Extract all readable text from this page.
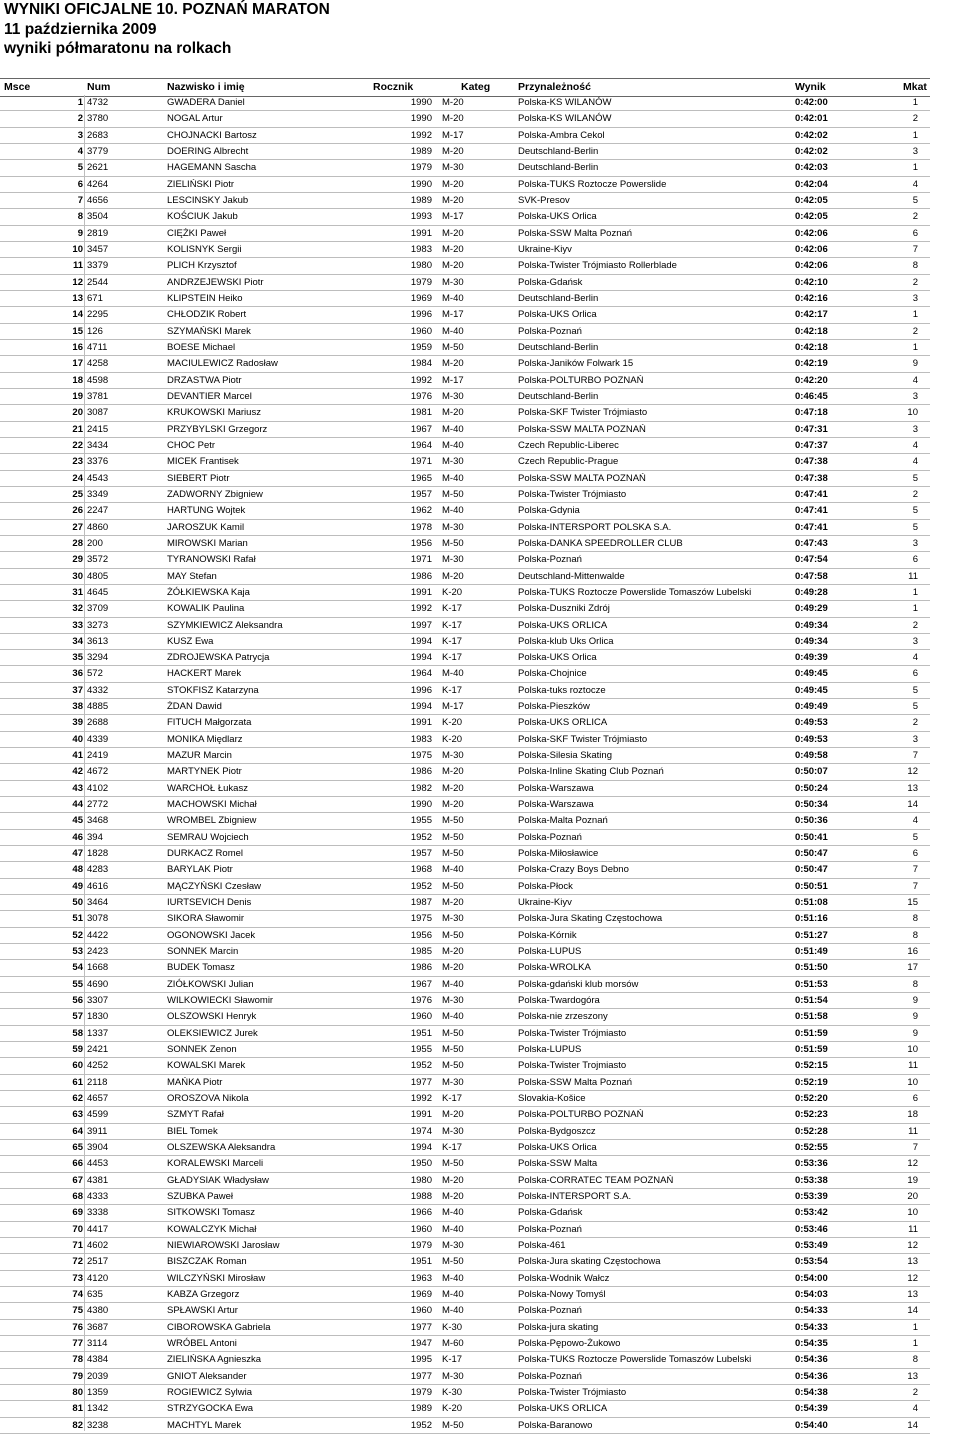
WYNIKI OFICJALNE 10. POZNAŃ MARATON
11 października 2009
wyniki półmaratonu na rolkach
Msce	Num	Nazwisko i imię	Rocznik	Kateg	Przynależność	Wynik	Mkat
1 4732	GWADERA Daniel	1990 M-20	Polska-KS WILANÓW	0:42:00	1
2 3780	NOGAL Artur	1990 M-20	Polska-KS WILANÓW	0:42:01	2
3 2683	CHOJNACKI Bartosz	1992 M-17	Polska-Ambra Cekol	0:42:02	1
4 3779	DOERING Albrecht	1989 M-20	Deutschland-Berlin	0:42:02	3
5 2621	HAGEMANN Sascha	1979 M-30	Deutschland-Berlin	0:42:03	1
6 4264	ZIELIŃSKI Piotr	1990 M-20	Polska-TUKS Roztocze Powerslide	0:42:04	4
7 4656	LESCINSKY Jakub	1989 M-20	SVK-Presov	0:42:05	5
8 3504	KOŚCIUK Jakub	1993 M-17	Polska-UKS Orlica	0:42:05	2
9 2819	CIĘŻKI Paweł	1991 M-20	Polska-SSW Malta Poznań	0:42:06	6
10 3457	KOLISNYK Sergii	1983 M-20	Ukraine-Kiyv	0:42:06	7
11 3379	PLICH Krzysztof	1980 M-20	Polska-Twister Trójmiasto Rollerblade	0:42:06	8
12 2544	ANDRZEJEWSKI Piotr	1979 M-30	Polska-Gdańsk	0:42:10	2
13 671	KLIPSTEIN Heiko	1969 M-40	Deutschland-Berlin	0:42:16	3
14 2295	CHŁODZIK Robert	1996 M-17	Polska-UKS Orlica	0:42:17	1
15 126	SZYMAŃSKI Marek	1960 M-40	Polska-Poznań	0:42:18	2
16 4711	BOESE Michael	1959 M-50	Deutschland-Berlin	0:42:18	1
17 4258	MACIULEWICZ Radosław	1984 M-20	Polska-Janików Folwark 15	0:42:19	9
18 4598	DRZASTWA Piotr	1992 M-17	Polska-POLTURBO POZNAŃ	0:42:20	4
19 3781	DEVANTIER Marcel	1976 M-30	Deutschland-Berlin	0:46:45	3
20 3087	KRUKOWSKI Mariusz	1981 M-20	Polska-SKF Twister Trójmiasto	0:47:18	10
21 2415	PRZYBYLSKI Grzegorz	1967 M-40	Polska-SSW MALTA POZNAŃ	0:47:31	3
22 3434	CHOC Petr	1964 M-40	Czech Republic-Liberec	0:47:37	4
23 3376	MICEK Frantisek	1971 M-30	Czech Republic-Prague	0:47:38	4
24 4543	SIEBERT Piotr	1965 M-40	Polska-SSW MALTA POZNAŃ	0:47:38	5
25 3349	ZADWORNY Zbigniew	1957 M-50	Polska-Twister Trójmiasto	0:47:41	2
26 2247	HARTUNG Wojtek	1962 M-40	Polska-Gdynia	0:47:41	5
27 4860	JAROSZUK Kamil	1978 M-30	Polska-INTERSPORT POLSKA S.A.	0:47:41	5
28 200	MIROWSKI Marian	1956 M-50	Polska-DANKA SPEEDROLLER CLUB	0:47:43	3
29 3572	TYRANOWSKI Rafał	1971 M-30	Polska-Poznań	0:47:54	6
30 4805	MAY Stefan	1986 M-20	Deutschland-Mittenwalde	0:47:58	11
31 4645	ŻÓŁKIEWSKA Kaja	1991 K-20	Polska-TUKS Roztocze Powerslide Tomaszów Lubelski	0:49:28	1
32 3709	KOWALIK Paulina	1992 K-17	Polska-Duszniki Zdrój	0:49:29	1
33 3273	SZYMKIEWICZ Aleksandra	1997 K-17	Polska-UKS ORLICA	0:49:34	2
34 3613	KUSZ Ewa	1994 K-17	Polska-klub Uks Orlica	0:49:34	3
35 3294	ZDROJEWSKA Patrycja	1994 K-17	Polska-UKS Orlica	0:49:39	4
36 572	HACKERT Marek	1964 M-40	Polska-Chojnice	0:49:45	6
37 4332	STOKFISZ Katarzyna	1996 K-17	Polska-tuks roztocze	0:49:45	5
38 4885	ŻDAN Dawid	1994 M-17	Polska-Pieszków	0:49:49	5
39 2688	FITUCH Małgorzata	1991 K-20	Polska-UKS ORLICA	0:49:53	2
40 4339	MONIKA Międlarz	1983 K-20	Polska-SKF Twister Trójmiasto	0:49:53	3
41 2419	MAZUR Marcin	1975 M-30	Polska-Silesia Skating	0:49:58	7
42 4672	MARTYNEK Piotr	1986 M-20	Polska-Inline Skating Club Poznań	0:50:07	12
43 4102	WARCHOŁ Łukasz	1982 M-20	Polska-Warszawa	0:50:24	13
44 2772	MACHOWSKI Michał	1990 M-20	Polska-Warszawa	0:50:34	14
45 3468	WROMBEL Zbigniew	1955 M-50	Polska-Malta Poznań	0:50:36	4
46 394	SEMRAU Wojciech	1952 M-50	Polska-Poznań	0:50:41	5
47 1828	DURKACZ Romel	1957 M-50	Polska-Miłosławice	0:50:47	6
48 4283	BARYLAK Piotr	1968 M-40	Polska-Crazy Boys Debno	0:50:47	7
49 4616	MĄCZYŃSKI Czesław	1952 M-50	Polska-Płock	0:50:51	7
50 3464	IURTSEVICH Denis	1987 M-20	Ukraine-Kiyv	0:51:08	15
51 3078	SIKORA Sławomir	1975 M-30	Polska-Jura Skating Częstochowa	0:51:16	8
52 4422	OGONOWSKI Jacek	1956 M-50	Polska-Kórnik	0:51:27	8
53 2423	SONNEK Marcin	1985 M-20	Polska-LUPUS	0:51:49	16
54 1668	BUDEK Tomasz	1986 M-20	Polska-WROLKA	0:51:50	17
55 4690	ZIÓŁKOWSKI Julian	1967 M-40	Polska-gdański klub morsów	0:51:53	8
56 3307	WILKOWIECKI Sławomir	1976 M-30	Polska-Twardogóra	0:51:54	9
57 1830	OLSZOWSKI Henryk	1960 M-40	Polska-nie zrzeszony	0:51:58	9
58 1337	OLEKSIEWICZ Jurek	1951 M-50	Polska-Twister Trójmiasto	0:51:59	9
59 2421	SONNEK Zenon	1955 M-50	Polska-LUPUS	0:51:59	10
60 4252	KOWALSKI Marek	1952 M-50	Polska-Twister Trojmiasto	0:52:15	11
61 2118	MAŃKA Piotr	1977 M-30	Polska-SSW Malta Poznań	0:52:19	10
62 4657	OROSZOVA Nikola	1992 K-17	Slovakia-Košice	0:52:20	6
63 4599	SZMYT Rafał	1991 M-20	Polska-POLTURBO POZNAŃ	0:52:23	18
64 3911	BIEL Tomek	1974 M-30	Polska-Bydgoszcz	0:52:28	11
65 3904	OLSZEWSKA Aleksandra	1994 K-17	Polska-UKS Orlica	0:52:55	7
66 4453	KORALEWSKI Marceli	1950 M-50	Polska-SSW Malta	0:53:36	12
67 4381	GŁADYSIAK Władysław	1980 M-20	Polska-CORRATEC TEAM POZNAŃ	0:53:38	19
68 4333	SZUBKA Paweł	1988 M-20	Polska-INTERSPORT S.A.	0:53:39	20
69 3338	SITKOWSKI Tomasz	1966 M-40	Polska-Gdańsk	0:53:42	10
70 4417	KOWALCZYK Michał	1960 M-40	Polska-Poznań	0:53:46	11
71 4602	NIEWIAROWSKI Jarosław	1979 M-30	Polska-461	0:53:49	12
72 2517	BISZCZAK Roman	1951 M-50	Polska-Jura skating Częstochowa	0:53:54	13
73 4120	WILCZYŃSKI Mirosław	1963 M-40	Polska-Wodnik Wałcz	0:54:00	12
74 635	KABZA Grzegorz	1969 M-40	Polska-Nowy Tomyśl	0:54:03	13
75 4380	SPŁAWSKI Artur	1960 M-40	Polska-Poznań	0:54:33	14
76 3687	CIBOROWSKA Gabriela	1977 K-30	Polska-jura skating	0:54:33	1
77 3114	WRÓBEL Antoni	1947 M-60	Polska-Pępowo-Żukowo	0:54:35	1
78 4384	ZIELIŃSKA Agnieszka	1995 K-17	Polska-TUKS Roztocze Powerslide Tomaszów Lubelski	0:54:36	8
79 2039	GNIOT Aleksander	1977 M-30	Polska-Poznań	0:54:36	13
80 1359	ROGIEWICZ Sylwia	1979 K-30	Polska-Twister Trójmiasto	0:54:38	2
81 1342	STRZYGOCKA Ewa	1989 K-20	Polska-UKS ORLICA	0:54:39	4
82 3238	MACHTYL Marek	1952 M-50	Polska-Baranowo	0:54:40	14
